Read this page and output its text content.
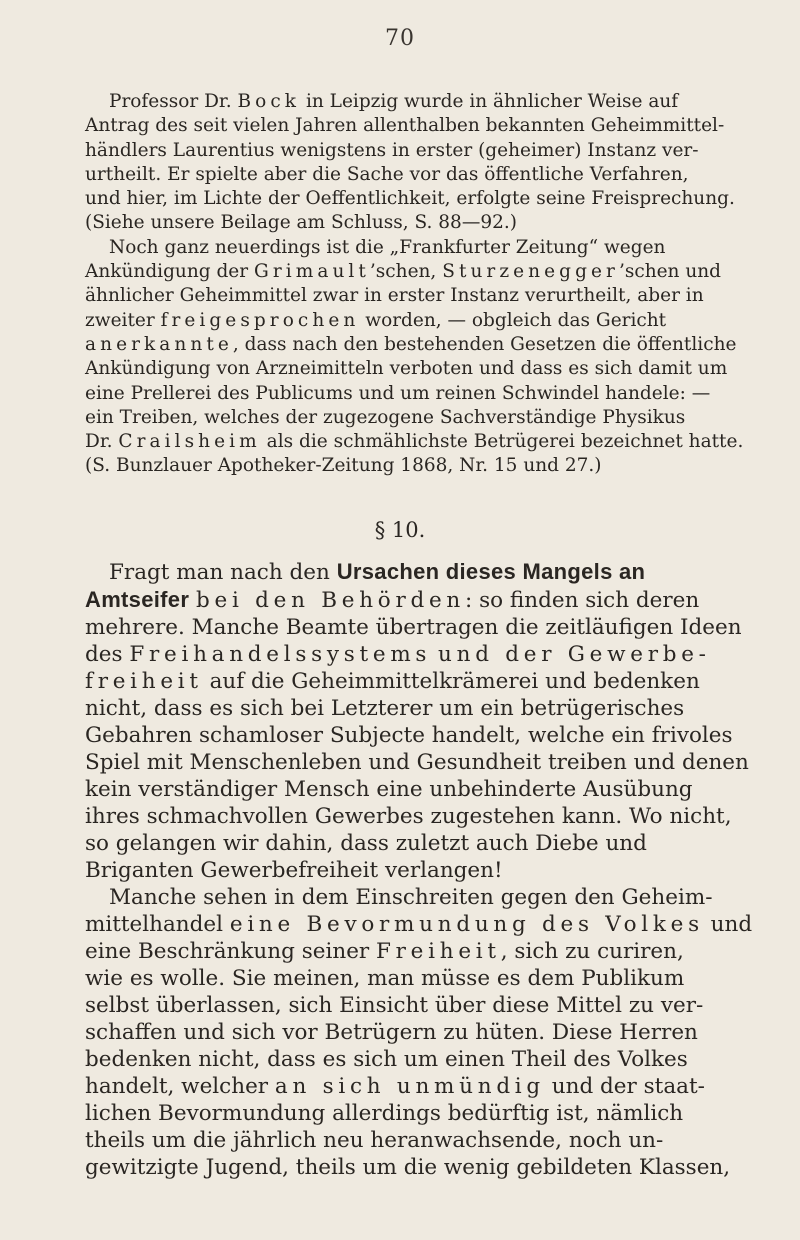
70
Professor Dr. Bock in Leipzig wurde in ähnlicher Weise auf
Antrag des seit vielen Jahren allenthalben bekannten Geheimmittel-
händlers Laurentius wenigstens in erster (geheimer) Instanz ver-
urtheilt. Er spielte aber die Sache vor das öffentliche Verfahren,
und hier, im Lichte der Oeffentlichkeit, erfolgte seine Freisprechung.
(Siehe unsere Beilage am Schluss, S. 88—92.)
Noch ganz neuerdings ist die „Frankfurter Zeitung“ wegen
Ankündigung der Grimault’schen, Sturzenegger’schen und
ähnlicher Geheimmittel zwar in erster Instanz verurtheilt, aber in
zweiter freigesprochen worden, — obgleich das Gericht
anerkannte, dass nach den bestehenden Gesetzen die öffentliche
Ankündigung von Arzneimitteln verboten und dass es sich damit um
eine Prellerei des Publicums und um reinen Schwindel handele: —
ein Treiben, welches der zugezogene Sachverständige Physikus
Dr. Crailsheim als die schmählichste Betrügerei bezeichnet hatte.
(S. Bunzlauer Apotheker-Zeitung 1868, Nr. 15 und 27.)
§ 10.
Fragt man nach den Ursachen dieses Mangels an
Amtseifer bei den Behörden: so finden sich deren
mehrere. Manche Beamte übertragen die zeitläufigen Ideen
des Freihandelssystems und der Gewerbe-
freiheit auf die Geheimmittelkrämerei und bedenken
nicht, dass es sich bei Letzterer um ein betrügerisches
Gebahren schamloser Subjecte handelt, welche ein frivoles
Spiel mit Menschenleben und Gesundheit treiben und denen
kein verständiger Mensch eine unbehinderte Ausübung
ihres schmachvollen Gewerbes zugestehen kann. Wo nicht,
so gelangen wir dahin, dass zuletzt auch Diebe und
Briganten Gewerbefreiheit verlangen!
Manche sehen in dem Einschreiten gegen den Geheim-
mittelhandel eine Bevormundung des Volkes und
eine Beschränkung seiner Freiheit, sich zu curiren,
wie es wolle. Sie meinen, man müsse es dem Publikum
selbst überlassen, sich Einsicht über diese Mittel zu ver-
schaffen und sich vor Betrügern zu hüten. Diese Herren
bedenken nicht, dass es sich um einen Theil des Volkes
handelt, welcher an sich unmündig und der staat-
lichen Bevormundung allerdings bedürftig ist, nämlich
theils um die jährlich neu heranwachsende, noch un-
gewitzigte Jugend, theils um die wenig gebildeten Klassen,
